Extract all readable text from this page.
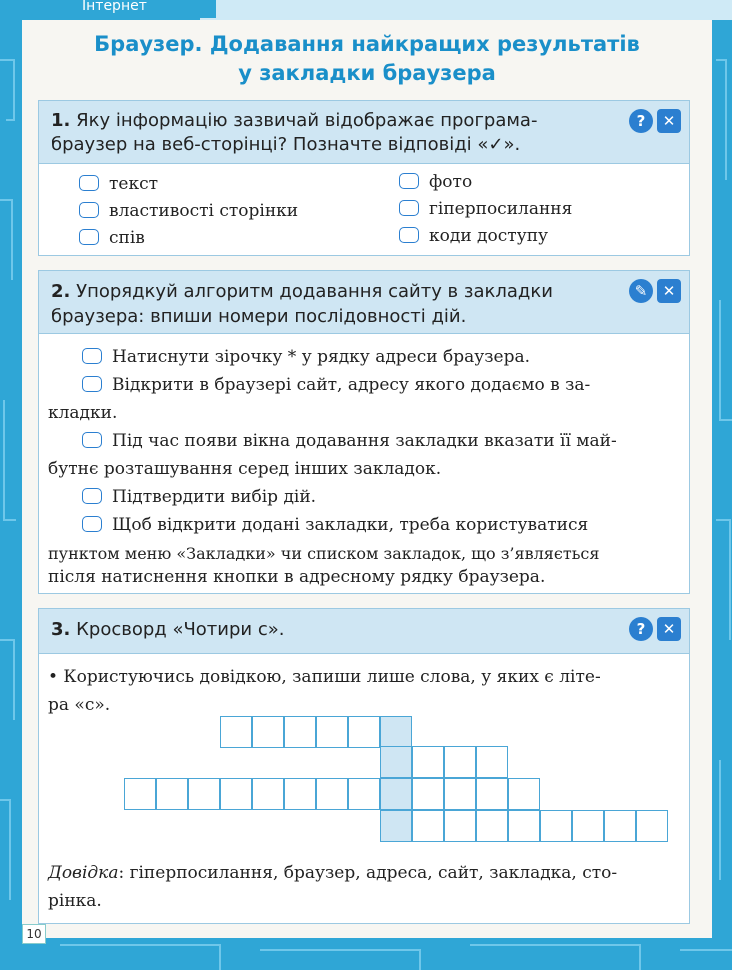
Інтернет
Браузер. Додавання найкращих результатів
у закладки браузера
1. Яку інформацію зазвичай відображає програма-
браузер на веб-сторінці? Позначте відповіді «✓».
?	✕
текст
властивості сторінки
спів
фото
гіперпосилання
коди доступу
2. Упорядкуй алгоритм додавання сайту в закладки
браузера: впиши номери послідовності дій.
✎	✕
Натиснути зірочку * у рядку адреси браузера.
Відкрити в браузері сайт, адресу якого додаємо в за-
кладки.
Під час появи вікна додавання закладки вказати її май-
бутнє розташування серед інших закладок.
Підтвердити вибір дій.
Щоб відкрити додані закладки, треба користуватися
пунктом меню «Закладки» чи списком закладок, що з’являється
після натиснення кнопки в адресному рядку браузера.
3. Кросворд «Чотири с».	?	✕
• Користуючись довідкою, запиши лише слова, у яких є літе-
ра «с».
Довідка: гіперпосилання, браузер, адреса, сайт, закладка, сто-
рінка.
10
